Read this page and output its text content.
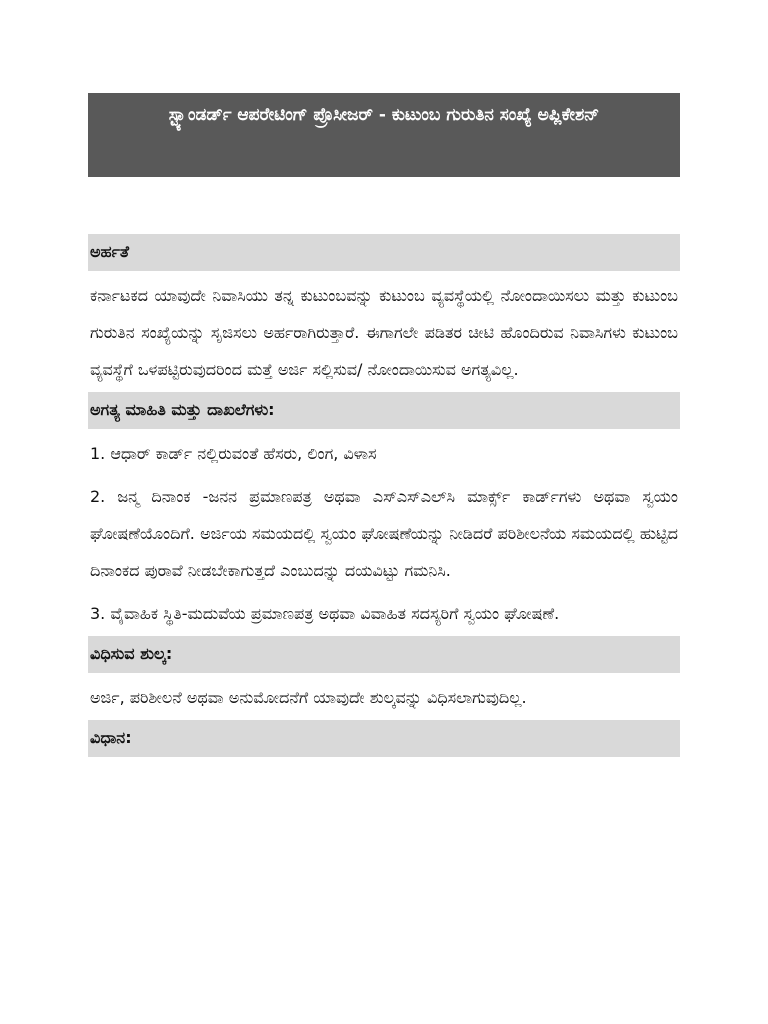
ಸ್ಟ್ಯಾಂಡರ್ಡ್ ಆಪರೇಟಿಂಗ್ ಪ್ರೊಸೀಜರ್ - ಕುಟುಂಬ ಗುರುತಿನ ಸಂಖ್ಯೆ ಅಪ್ಲಿಕೇಶನ್
ಅರ್ಹತೆ

ಕರ್ನಾಟಕದ ಯಾವುದೇ ನಿವಾಸಿಯು ತನ್ನ ಕುಟುಂಬವನ್ನು ಕುಟುಂಬ ವ್ಯವಸ್ಥೆಯಲ್ಲಿ ನೋಂದಾಯಿಸಲು ಮತ್ತು ಕುಟುಂಬ ಗುರುತಿನ ಸಂಖ್ಯೆಯನ್ನು ಸೃಜಿಸಲು ಅರ್ಹರಾಗಿರುತ್ತಾರೆ. ಈಗಾಗಲೇ ಪಡಿತರ ಚೀಟಿ ಹೊಂದಿರುವ ನಿವಾಸಿಗಳು ಕುಟುಂಬ ವ್ಯವಸ್ಥೆಗೆ ಒಳಪಟ್ಟಿರುವುದರಿಂದ ಮತ್ತೆ ಅರ್ಜಿ ಸಲ್ಲಿಸುವ/ ನೋಂದಾಯಿಸುವ ಅಗತ್ಯವಿಲ್ಲ.

ಅಗತ್ಯ ಮಾಹಿತಿ ಮತ್ತು ದಾಖಲೆಗಳು:

1. ಆಧಾರ್ ಕಾರ್ಡ್ ನಲ್ಲಿರುವಂತೆ ಹೆಸರು, ಲಿಂಗ, ವಿಳಾಸ

2. ಜನ್ಮ ದಿನಾಂಕ -ಜನನ ಪ್ರಮಾಣಪತ್ರ ಅಥವಾ ಎಸ್‌ಎಸ್‌ಎಲ್‌ಸಿ ಮಾರ್ಕ್ಸ್ ಕಾರ್ಡ್‌ಗಳು ಅಥವಾ ಸ್ವಯಂ ಘೋಷಣೆಯೊಂದಿಗೆ. ಅರ್ಜಿಯ ಸಮಯದಲ್ಲಿ ಸ್ವಯಂ ಘೋಷಣೆಯನ್ನು ನೀಡಿದರೆ ಪರಿಶೀಲನೆಯ ಸಮಯದಲ್ಲಿ ಹುಟ್ಟಿದ ದಿನಾಂಕದ ಪುರಾವೆ ನೀಡಬೇಕಾಗುತ್ತದೆ ಎಂಬುದನ್ನು ದಯವಿಟ್ಟು ಗಮನಿಸಿ.

3. ವೈವಾಹಿಕ ಸ್ಥಿತಿ-ಮದುವೆಯ ಪ್ರಮಾಣಪತ್ರ ಅಥವಾ ವಿವಾಹಿತ ಸದಸ್ಯರಿಗೆ ಸ್ವಯಂ ಘೋಷಣೆ.

ವಿಧಿಸುವ ಶುಲ್ಕ:

ಅರ್ಜಿ, ಪರಿಶೀಲನೆ ಅಥವಾ ಅನುಮೋದನೆಗೆ ಯಾವುದೇ ಶುಲ್ಕವನ್ನು ವಿಧಿಸಲಾಗುವುದಿಲ್ಲ.

ವಿಧಾನ:
